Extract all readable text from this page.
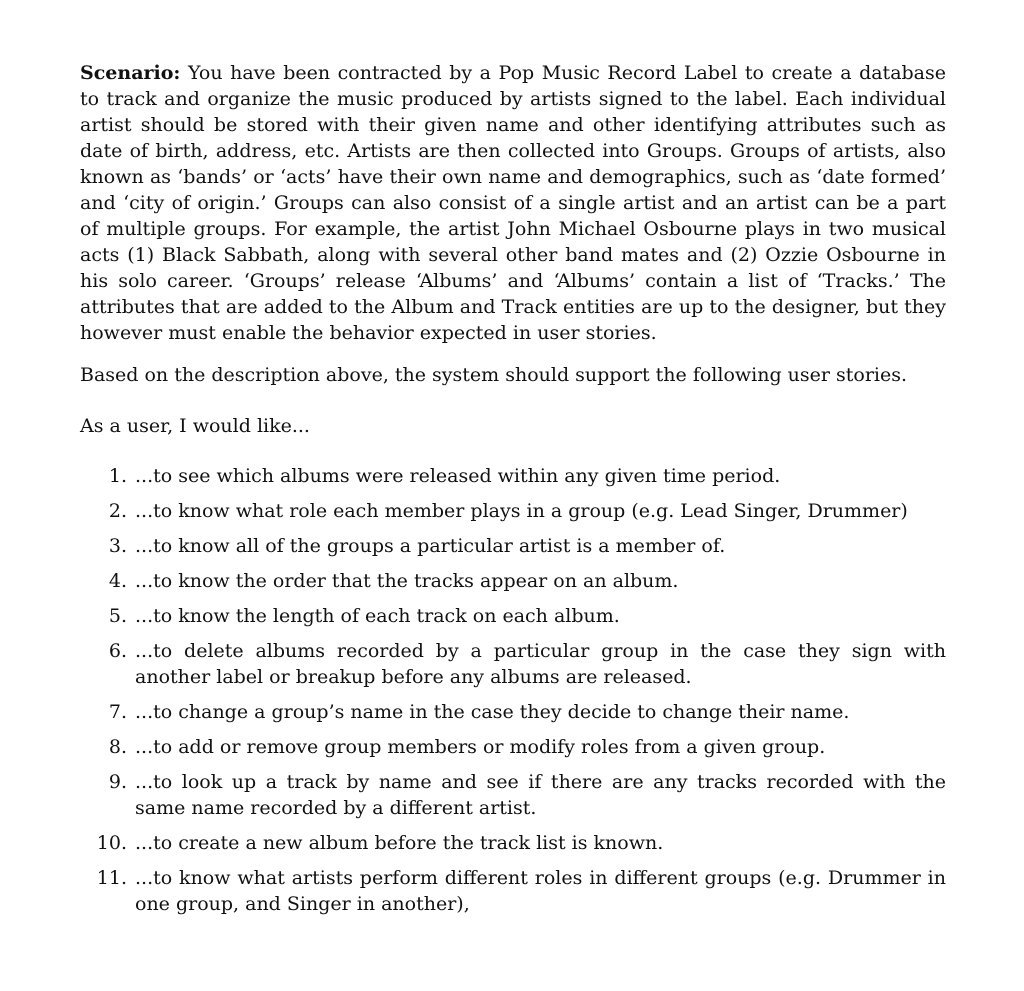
Scenario: You have been contracted by a Pop Music Record Label to create a database to track and organize the music produced by artists signed to the label. Each individual artist should be stored with their given name and other identifying attributes such as date of birth, address, etc. Artists are then collected into Groups. Groups of artists, also known as ‘bands’ or ‘acts’ have their own name and demographics, such as ‘date formed’ and ‘city of origin.’ Groups can also consist of a single artist and an artist can be a part of multiple groups. For example, the artist John Michael Osbourne plays in two musical acts (1) Black Sabbath, along with several other band mates and (2) Ozzie Osbourne in his solo career. ‘Groups’ release ‘Albums’ and ‘Albums’ contain a list of ‘Tracks.’ The attributes that are added to the Album and Track entities are up to the designer, but they however must enable the behavior expected in user stories.

Based on the description above, the system should support the following user stories.

As a user, I would like...

1. ...to see which albums were released within any given time period.
2. ...to know what role each member plays in a group (e.g. Lead Singer, Drummer)
3. ...to know all of the groups a particular artist is a member of.
4. ...to know the order that the tracks appear on an album.
5. ...to know the length of each track on each album.
6. ...to delete albums recorded by a particular group in the case they sign with another label or breakup before any albums are released.
7. ...to change a group’s name in the case they decide to change their name.
8. ...to add or remove group members or modify roles from a given group.
9. ...to look up a track by name and see if there are any tracks recorded with the same name recorded by a different artist.
10. ...to create a new album before the track list is known.
11. ...to know what artists perform different roles in different groups (e.g. Drummer in one group, and Singer in another),
